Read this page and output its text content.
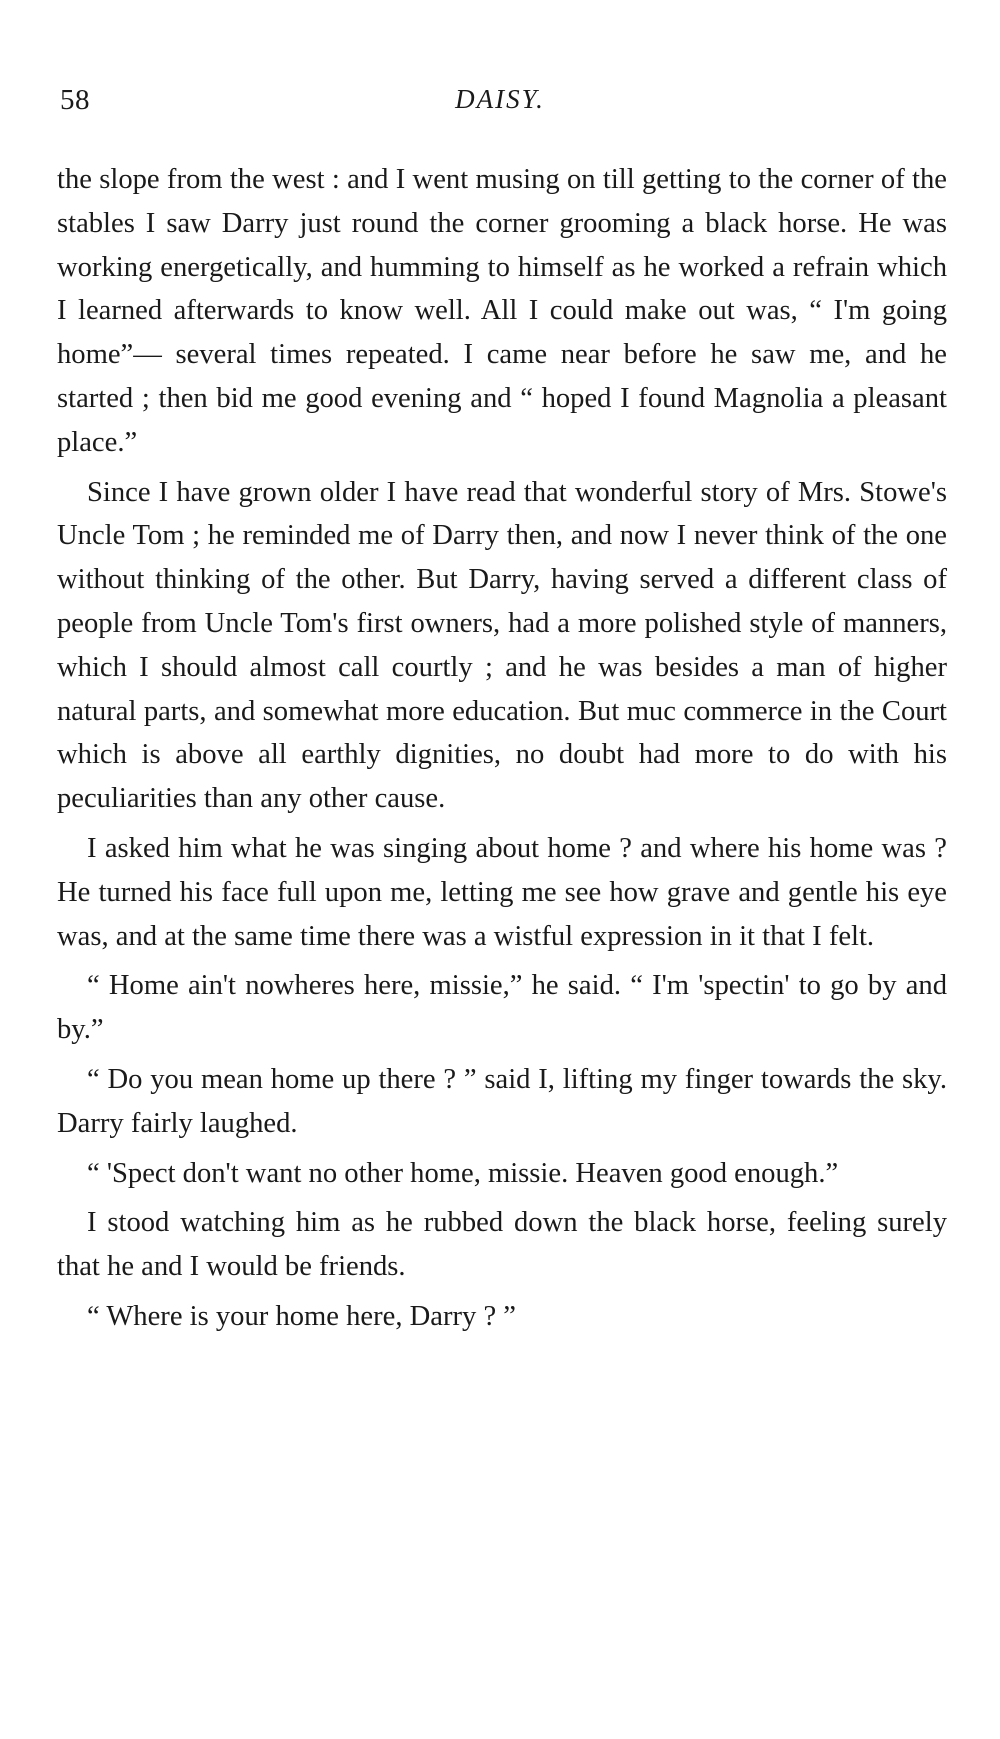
58	DAISY.

the slope from the west : and I went musing on till getting to the corner of the stables I saw Darry just round the corner grooming a black horse. He was working energetically, and humming to himself as he worked a refrain which I learned afterwards to know well. All I could make out was, “ I'm going home”— several times repeated. I came near before he saw me, and he started ; then bid me good evening and “ hoped I found Magnolia a pleasant place.”

Since I have grown older I have read that wonderful story of Mrs. Stowe's Uncle Tom ; he reminded me of Darry then, and now I never think of the one without thinking of the other. But Darry, having served a different class of people from Uncle Tom's first owners, had a more polished style of manners, which I should almost call courtly ; and he was besides a man of higher natural parts, and somewhat more education. But muc commerce in the Court which is above all earthly dignities, no doubt had more to do with his peculiarities than any other cause.

I asked him what he was singing about home ? and where his home was ? He turned his face full upon me, letting me see how grave and gentle his eye was, and at the same time there was a wistful expression in it that I felt.

“ Home ain't nowheres here, missie,” he said. “ I'm 'spectin' to go by and by.”

“ Do you mean home up there ? ” said I, lifting my finger towards the sky. Darry fairly laughed.

“ 'Spect don't want no other home, missie. Heaven good enough.”

I stood watching him as he rubbed down the black horse, feeling surely that he and I would be friends.

“ Where is your home here, Darry ? ”
